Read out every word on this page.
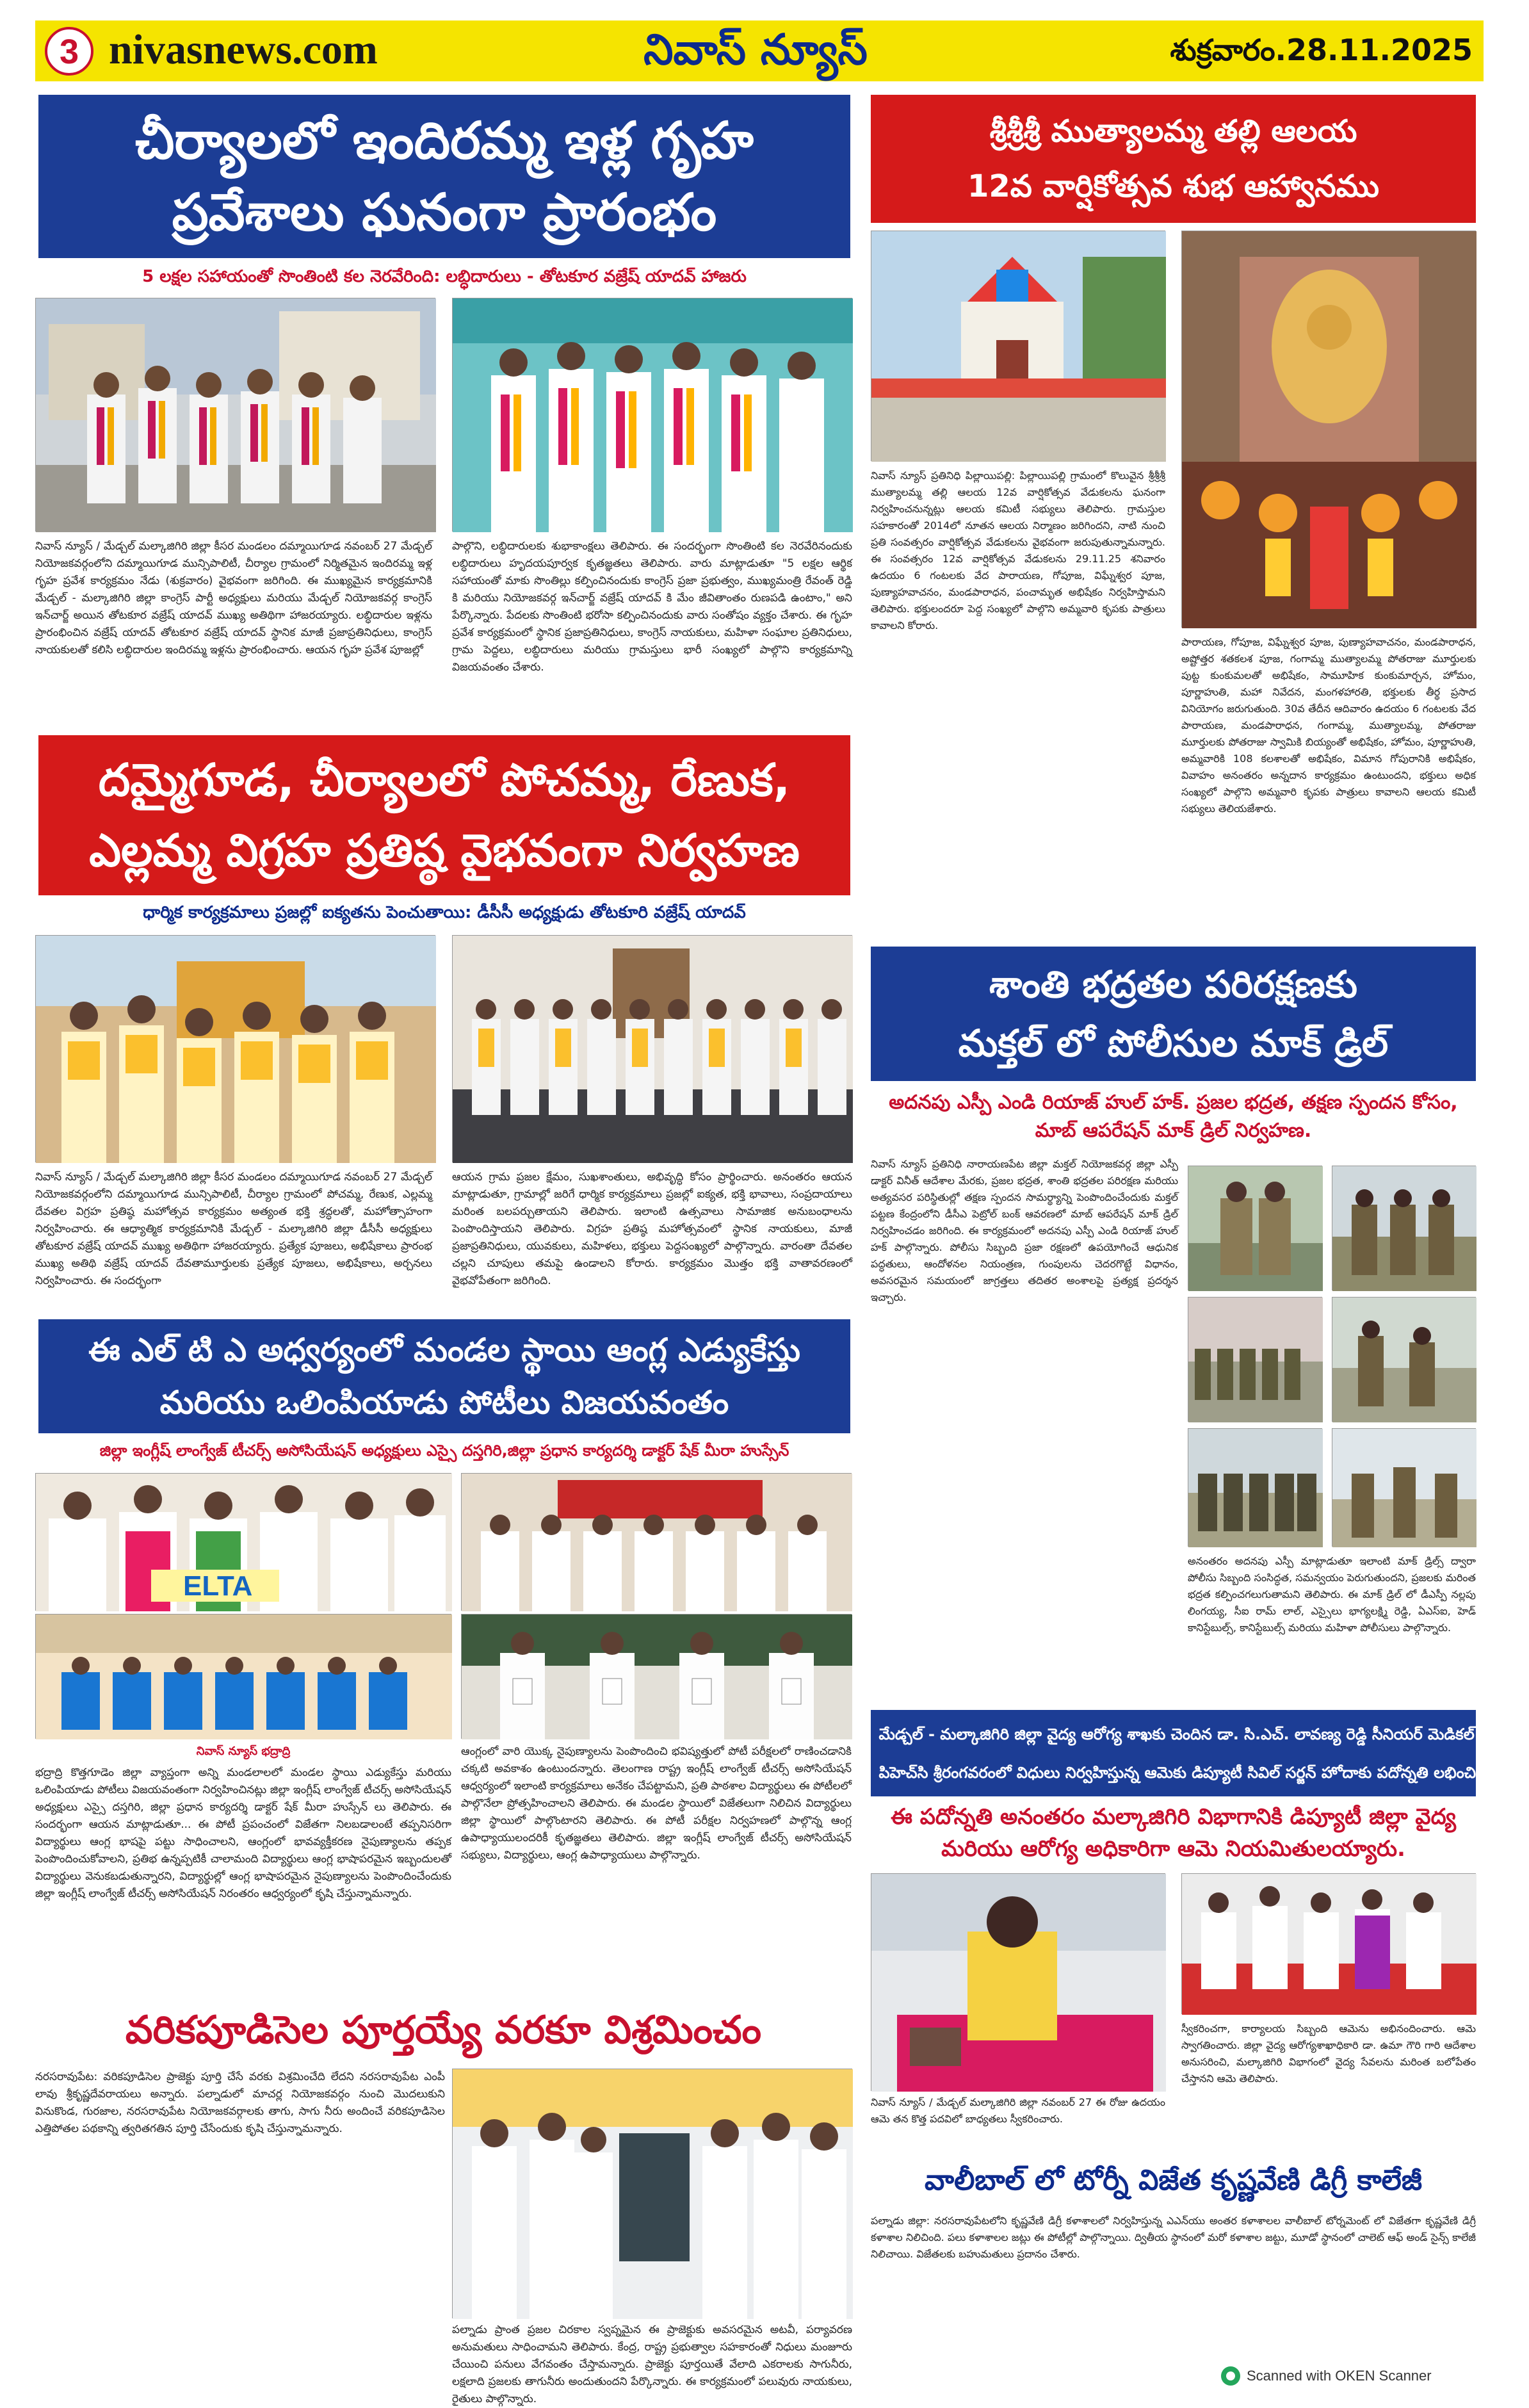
3 nivasnews.com	నివాస్ న్యూస్	శుక్రవారం.28.11.2025
చీర్యాలలో ఇందిరమ్మ ఇళ్ల గృహ
ప్రవేశాలు ఘనంగా ప్రారంభం
5 లక్షల సహాయంతో సొంతింటి కల నెరవేరింది: లబ్ధిదారులు - తోటకూర వజ్రేష్ యాదవ్ హాజరు
నివాస్ న్యూస్ / మేడ్చల్ మల్కాజిగిరి జిల్లా కీసర మండలం దమ్మాయిగూడ నవంబర్ 27 మేడ్చల్ నియోజకవర్గంలోని దమ్మాయిగూడ మున్సిపాలిటీ, చీర్యాల గ్రామంలో నిర్మితమైన ఇందిరమ్మ ఇళ్ల గృహ ప్రవేశ కార్యక్రమం నేడు (శుక్రవారం) వైభవంగా జరిగింది. ఈ ముఖ్యమైన కార్యక్రమానికి మేడ్చల్ - మల్కాజిగిరి జిల్లా కాంగ్రెస్ పార్టీ అధ్యక్షులు మరియు మేడ్చల్ నియోజకవర్గ కాంగ్రెస్ ఇన్‌చార్జ్ అయిన తోటకూర వజ్రేష్ యాదవ్ ముఖ్య అతిథిగా హాజరయ్యారు. లబ్ధిదారుల ఇళ్లను ప్రారంభించిన వజ్రేష్ యాదవ్ తోటకూర వజ్రేష్ యాదవ్ స్థానిక మాజీ ప్రజాప్రతినిధులు, కాంగ్రెస్ నాయకులతో కలిసి లబ్ధిదారుల ఇందిరమ్మ ఇళ్లను ప్రారంభించారు. ఆయన గృహ ప్రవేశ పూజల్లో
పాల్గొని, లబ్ధిదారులకు శుభాకాంక్షలు తెలిపారు. ఈ సందర్భంగా సొంతింటి కల నెరవేరినందుకు లబ్ధిదారులు హృదయపూర్వక కృతజ్ఞతలు తెలిపారు. వారు మాట్లాడుతూ "5 లక్షల ఆర్థిక సహాయంతో మాకు సొంతిల్లు కల్పించినందుకు కాంగ్రెస్ ప్రజా ప్రభుత్వం, ముఖ్యమంత్రి రేవంత్ రెడ్డి కి మరియు నియోజకవర్గ ఇన్‌చార్జ్ వజ్రేష్ యాదవ్ కి మేం జీవితాంతం రుణపడి ఉంటాం," అని పేర్కొన్నారు. పేదలకు సొంతింటి భరోసా కల్పించినందుకు వారు సంతోషం వ్యక్తం చేశారు. ఈ గృహ ప్రవేశ కార్యక్రమంలో స్థానిక ప్రజాప్రతినిధులు, కాంగ్రెస్ నాయకులు, మహిళా సంఘాల ప్రతినిధులు, గ్రామ పెద్దలు, లబ్ధిదారులు మరియు గ్రామస్తులు భారీ సంఖ్యలో పాల్గొని కార్యక్రమాన్ని విజయవంతం చేశారు.
దమ్మైగూడ, చీర్యాలలో పోచమ్మ, రేణుక,
ఎల్లమ్మ విగ్రహ ప్రతిష్ఠ వైభవంగా నిర్వహణ
ధార్మిక కార్యక్రమాలు ప్రజల్లో ఐక్యతను పెంచుతాయి: డీసీసీ అధ్యక్షుడు తోటకూరి వజ్రేష్ యాదవ్
నివాస్ న్యూస్ / మేడ్చల్ మల్కాజిగిరి జిల్లా కీసర మండలం దమ్మాయిగూడ నవంబర్ 27 మేడ్చల్ నియోజకవర్గంలోని దమ్మాయిగూడ మున్సిపాలిటీ, చీర్యాల గ్రామంలో పోచమ్మ, రేణుక, ఎల్లమ్మ దేవతల విగ్రహ ప్రతిష్ఠ మహోత్సవ కార్యక్రమం అత్యంత భక్తి శ్రద్ధలతో, మహోత్సాహంగా నిర్వహించారు. ఈ ఆధ్యాత్మిక కార్యక్రమానికి మేడ్చల్ - మల్కాజిగిరి జిల్లా డీసీసీ అధ్యక్షులు తోటకూర వజ్రేష్ యాదవ్ ముఖ్య అతిథిగా హాజరయ్యారు. ప్రత్యేక పూజలు, అభిషేకాలు ప్రారంభ ముఖ్య అతిథి వజ్రేష్ యాదవ్ దేవతామూర్తులకు ప్రత్యేక పూజలు, అభిషేకాలు, అర్చనలు నిర్వహించారు. ఈ సందర్భంగా
ఆయన గ్రామ ప్రజల క్షేమం, సుఖశాంతులు, అభివృద్ధి కోసం ప్రార్థించారు. అనంతరం ఆయన మాట్లాడుతూ, గ్రామాల్లో జరిగే ధార్మిక కార్యక్రమాలు ప్రజల్లో ఐక్యత, భక్తి భావాలు, సంప్రదాయాలు మరింత బలపర్చుతాయని తెలిపారు. ఇలాంటి ఉత్సవాలు సామాజిక అనుబంధాలను పెంపొందిస్తాయని తెలిపారు. విగ్రహ ప్రతిష్ఠ మహోత్సవంలో స్థానిక నాయకులు, మాజీ ప్రజాప్రతినిధులు, యువకులు, మహిళలు, భక్తులు పెద్దసంఖ్యలో పాల్గొన్నారు. వారంతా దేవతల చల్లని చూపులు తమపై ఉండాలని కోరారు. కార్యక్రమం మొత్తం భక్తి వాతావరణంలో వైభవోపేతంగా జరిగింది.
ఈ ఎల్ టి ఎ అధ్వర్యంలో మండల స్థాయి ఆంగ్ల ఎడ్యుకేస్తు
మరియు ఒలింపియాడు పోటీలు విజయవంతం
జిల్లా ఇంగ్లీష్ లాంగ్వేజ్ టీచర్స్ అసోసియేషన్ అధ్యక్షులు ఎస్సై దస్తగిరి,జిల్లా ప్రధాన కార్యదర్శి డాక్టర్ షేక్ మీరా హుస్సేన్
ELTA
నివాస్ న్యూస్ భద్రాద్రి
భద్రాద్రి కొత్తగూడెం జిల్లా వ్యాప్తంగా అన్ని మండలాలలో మండల స్థాయి ఎడ్యుకేస్తు మరియు ఒలింపియాడు పోటీలు విజయవంతంగా నిర్వహించినట్లు జిల్లా ఇంగ్లీష్ లాంగ్వేజ్ టీచర్స్ అసోసియేషన్ అధ్యక్షులు ఎస్సై దస్తగిరి, జిల్లా ప్రధాన కార్యదర్శి డాక్టర్ షేక్ మీరా హుస్సేన్ లు తెలిపారు. ఈ సందర్భంగా ఆయన మాట్లాడుతూ... ఈ పోటీ ప్రపంచంలో విజేతగా నిలబడాలంటే తప్పనిసరిగా విద్యార్థులు ఆంగ్ల భాషపై పట్టు సాధించాలని, ఆంగ్లంలో భావవ్యక్తీకరణ నైపుణ్యాలను తప్పక పెంపొందించుకోవాలని, ప్రతిభ ఉన్నప్పటికీ చాలామంది విద్యార్థులు ఆంగ్ల భాషాపరమైన ఇబ్బందులతో విద్యార్థులు వెనుకబడుతున్నారని, విద్యార్థుల్లో ఆంగ్ల భాషాపరమైన నైపుణ్యాలను పెంపొందించేందుకు జిల్లా ఇంగ్లీష్ లాంగ్వేజ్ టీచర్స్ అసోసియేషన్ నిరంతరం ఆధ్వర్యంలో కృషి చేస్తున్నామన్నారు.
ఆంగ్లంలో వారి యొక్క నైపుణ్యాలను పెంపొందించి భవిష్యత్తులో పోటీ పరీక్షలలో రాణించడానికి చక్కటి అవకాశం ఉంటుందన్నారు. తెలంగాణ రాష్ట్ర ఇంగ్లీష్ లాంగ్వేజ్ టీచర్స్ అసోసియేషన్ ఆధ్వర్యంలో ఇలాంటి కార్యక్రమాలు అనేకం చేపట్టామని, ప్రతి పాఠశాల విద్యార్థులు ఈ పోటీలలో పాల్గొనేలా ప్రోత్సహించాలని తెలిపారు. ఈ మండల స్థాయిలో విజేతలుగా నిలిచిన విద్యార్థులు జిల్లా స్థాయిలో పాల్గొంటారని తెలిపారు. ఈ పోటీ పరీక్షల నిర్వహణలో పాల్గొన్న ఆంగ్ల ఉపాధ్యాయులందరికీ కృతజ్ఞతలు తెలిపారు. జిల్లా ఇంగ్లీష్ లాంగ్వేజ్ టీచర్స్ అసోసియేషన్ సభ్యులు, విద్యార్థులు, ఆంగ్ల ఉపాధ్యాయులు పాల్గొన్నారు.
వరికపూడిసెల పూర్తయ్యే వరకూ విశ్రమించం
నరసరావుపేట: వరికపూడిసెల ప్రాజెక్టు పూర్తి చేసే వరకు విశ్రమించేది లేదని నరసరావుపేట ఎంపీ లావు శ్రీకృష్ణదేవరాయలు అన్నారు. పల్నాడులో మాచర్ల నియోజకవర్గం నుంచి మొదలుకుని వినుకొండ, గురజాల, నరసరావుపేట నియోజకవర్గాలకు తాగు, సాగు నీరు అందించే వరికపూడిసెల ఎత్తిపోతల పథకాన్ని త్వరితగతిన పూర్తి చేసేందుకు కృషి చేస్తున్నామన్నారు.
పల్నాడు ప్రాంత ప్రజల చిరకాల స్వప్నమైన ఈ ప్రాజెక్టుకు అవసరమైన అటవీ, పర్యావరణ అనుమతులు సాధించామని తెలిపారు. కేంద్ర, రాష్ట్ర ప్రభుత్వాల సహకారంతో నిధులు మంజూరు చేయించి పనులు వేగవంతం చేస్తామన్నారు. ప్రాజెక్టు పూర్తయితే వేలాది ఎకరాలకు సాగునీరు, లక్షలాది ప్రజలకు తాగునీరు అందుతుందని పేర్కొన్నారు. ఈ కార్యక్రమంలో పలువురు నాయకులు, రైతులు పాల్గొన్నారు.
శ్రీశ్రీశ్రీ ముత్యాలమ్మ తల్లి ఆలయ
12వ వార్షికోత్సవ శుభ ఆహ్వానము
నివాస్ న్యూస్ ప్రతినిధి పిల్లాయిపల్లి: పిల్లాయిపల్లి గ్రామంలో కొలువైన శ్రీశ్రీశ్రీ ముత్యాలమ్మ తల్లి ఆలయ 12వ వార్షికోత్సవ వేడుకలను ఘనంగా నిర్వహించనున్నట్లు ఆలయ కమిటీ సభ్యులు తెలిపారు. గ్రామస్తుల సహకారంతో 2014లో నూతన ఆలయ నిర్మాణం జరిగిందని, నాటి నుంచి ప్రతి సంవత్సరం వార్షికోత్సవ వేడుకలను వైభవంగా జరుపుతున్నామన్నారు. ఈ సంవత్సరం 12వ వార్షికోత్సవ వేడుకలను 29.11.25 శనివారం ఉదయం 6 గంటలకు వేద పారాయణ, గోపూజ, విఘ్నేశ్వర పూజ, పుణ్యాహవాచనం, మండపారాధన, పంచామృత అభిషేకం నిర్వహిస్తామని తెలిపారు. భక్తులందరూ పెద్ద సంఖ్యలో పాల్గొని అమ్మవారి కృపకు పాత్రులు కావాలని కోరారు.
పారాయణ, గోపూజ, విఘ్నేశ్వర పూజ, పుణ్యాహవాచనం, మండపారాధన, అష్టోత్తర శతకలశ పూజ, గంగామ్మ ముత్యాలమ్మ పోతరాజు మూర్తులకు పుట్ట కుంకుమలతో అభిషేకం, సామూహిక కుంకుమార్చన, హోమం, పూర్ణాహుతి, మహా నివేదన, మంగళహారతి, భక్తులకు తీర్థ ప్రసాద వినియోగం జరుగుతుంది. 30వ తేదీన ఆదివారం ఉదయం 6 గంటలకు వేద పారాయణ, మండపారాధన, గంగామ్మ, ముత్యాలమ్మ, పోతరాజు మూర్తులకు పోతరాజు స్వామికి బియ్యంతో అభిషేకం, హోమం, పూర్ణాహుతి, అమ్మవారికి 108 కలశాలతో అభిషేకం, విమాన గోపురానికి అభిషేకం, వివాహం అనంతరం అన్నదాన కార్యక్రమం ఉంటుందని, భక్తులు అధిక సంఖ్యలో పాల్గొని అమ్మవారి కృపకు పాత్రులు కావాలని ఆలయ కమిటీ సభ్యులు తెలియజేశారు.
శాంతి భద్రతల పరిరక్షణకు
మక్తల్ లో పోలీసుల మాక్ డ్రిల్
అదనపు ఎస్పీ ఎండి రియాజ్ హుల్ హక్. ప్రజల భద్రత, తక్షణ స్పందన కోసం, మాబ్ ఆపరేషన్ మాక్ డ్రిల్ నిర్వహణ.
నివాస్ న్యూస్ ప్రతినిధి నారాయణపేట జిల్లా మక్తల్ నియోజకవర్గ జిల్లా ఎస్పీ డాక్టర్ వినీత్ ఆదేశాల మేరకు, ప్రజల భద్రత, శాంతి భద్రతల పరిరక్షణ మరియు అత్యవసర పరిస్థితుల్లో తక్షణ స్పందన సామర్థ్యాన్ని పెంపొందించేందుకు మక్తల్ పట్టణ కేంద్రంలోని డీసీఎ పెట్రోల్ బంక్ ఆవరణలో మాబ్ ఆపరేషన్ మాక్ డ్రిల్ నిర్వహించడం జరిగింది. ఈ కార్యక్రమంలో అదనపు ఎస్పీ ఎండి రియాజ్ హుల్ హక్ పాల్గొన్నారు. పోలీసు సిబ్బంది ప్రజా రక్షణలో ఉపయోగించే ఆధునిక పద్ధతులు, ఆందోళనల నియంత్రణ, గుంపులను చెదరగొట్టే విధానం, అవసరమైన సమయంలో జాగ్రత్తలు తదితర అంశాలపై ప్రత్యక్ష ప్రదర్శన ఇచ్చారు.
అనంతరం అదనపు ఎస్పీ మాట్లాడుతూ ఇలాంటి మాక్ డ్రిల్స్ ద్వారా పోలీసు సిబ్బంది సంసిద్ధత, సమన్వయం పెరుగుతుందని, ప్రజలకు మరింత భద్రత కల్పించగలుగుతామని తెలిపారు. ఈ మాక్ డ్రిల్ లో డీఎస్పీ నల్లపు లింగయ్య, సీఐ రామ్ లాల్, ఎస్సైలు భాగ్యలక్ష్మి రెడ్డి, ఏఎస్ఐ, హెడ్ కానిస్టేబుల్స్, కానిస్టేబుల్స్ మరియు మహిళా పోలీసులు పాల్గొన్నారు.
మేడ్చల్ - మల్కాజిగిరి జిల్లా వైద్య ఆరోగ్య శాఖకు చెందిన డా. సి.ఎచ్. లావణ్య రెడ్డి సీనియర్ మెడికల్ ఆఫీసర్,
పిహెచ్‌సి శ్రీరంగవరంలో విధులు నిర్వహిస్తున్న ఆమెకు డిప్యూటీ సివిల్ సర్జన్ హోదాకు పదోన్నతి లభించింది.
ఈ పదోన్నతి అనంతరం మల్కాజిగిరి విభాగానికి డిప్యూటీ జిల్లా వైద్య
మరియు ఆరోగ్య అధికారిగా ఆమె నియమితులయ్యారు.
స్వీకరించగా, కార్యాలయ సిబ్బంది ఆమెను అభినందించారు. ఆమె స్వాగతించారు. జిల్లా వైద్య ఆరోగ్యశాఖాధికారి డా. ఉమా గౌరి గారి ఆదేశాల అనుసరించి, మల్కాజిగిరి విభాగంలో వైద్య సేవలను మరింత బలోపేతం చేస్తానని ఆమె తెలిపారు.
నివాస్ న్యూస్ / మేడ్చల్ మల్కాజిగిరి జిల్లా నవంబర్ 27 ఈ రోజు ఉదయం ఆమె తన కొత్త పదవిలో బాధ్యతలు స్వీకరించారు.
వాలీబాల్ లో టోర్నీ విజేత కృష్ణవేణి డిగ్రీ కాలేజీ
పల్నాడు జిల్లా: నరసరావుపేటలోని కృష్ణవేణి డిగ్రీ కళాశాలలో నిర్వహిస్తున్న ఎఎన్‌యు అంతర కళాశాలల వాలీబాల్ టోర్నమెంట్ లో విజేతగా కృష్ణవేణి డిగ్రీ కళాశాల నిలిచింది. పలు కళాశాలల జట్లు ఈ పోటీల్లో పాల్గొన్నాయి. ద్వితీయ స్థానంలో మరో కళాశాల జట్టు, మూడో స్థానంలో చాలెట్ ఆఫ్ అండ్ సైన్స్ కాలేజీ నిలిచాయి. విజేతలకు బహుమతులు ప్రదానం చేశారు.
Scanned with OKEN Scanner
